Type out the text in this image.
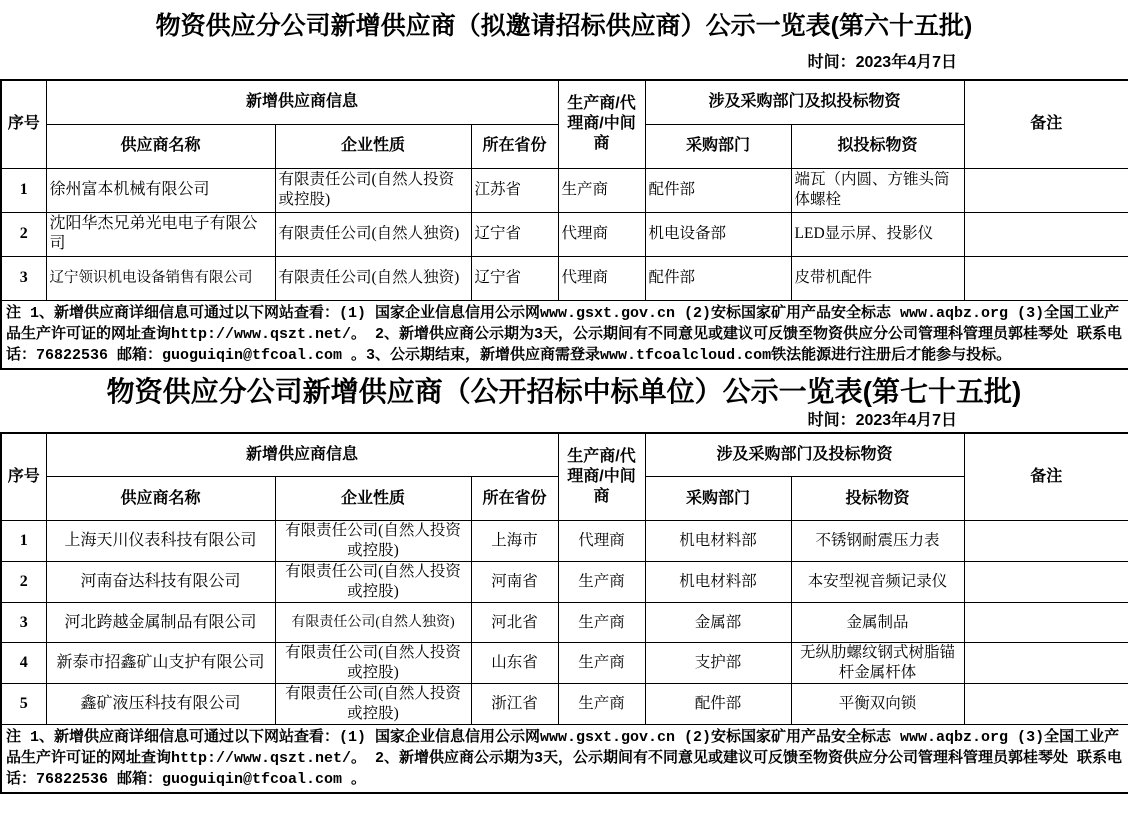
物资供应分公司新增供应商（拟邀请招标供应商）公示一览表(第六十五批)
时间：2023年4月7日
序号	新增供应商信息			生产商/代理商/中间商	涉及采购部门及拟投标物资		备注
	供应商名称	企业性质	所在省份		采购部门	拟投标物资	
1	徐州富本机械有限公司	有限责任公司(自然人投资或控股)	江苏省	生产商	配件部	端瓦（内圆、方锥头筒体螺栓	
2	沈阳华杰兄弟光电电子有限公司	有限责任公司(自然人独资)	辽宁省	代理商	机电设备部	LED显示屏、投影仪	
3	辽宁领识机电设备销售有限公司	有限责任公司(自然人独资)	辽宁省	代理商	配件部	皮带机配件	
注 1、新增供应商详细信息可通过以下网站查看：(1) 国家企业信息信用公示网www.gsxt.gov.cn (2)安标国家矿用产品安全标志 www.aqbz.org (3)全国工业产品生产许可证的网址查询http://www.qszt.net/。 2、新增供应商公示期为3天，公示期间有不同意见或建议可反馈至物资供应分公司管理科管理员郭桂琴处 联系电话：76822536 邮箱：guoguiqin@tfcoal.com 。3、公示期结束，新增供应商需登录www.tfcoalcloud.com铁法能源进行注册后才能参与投标。							
物资供应分公司新增供应商（公开招标中标单位）公示一览表(第七十五批)
时间：2023年4月7日
序号	新增供应商信息			生产商/代理商/中间商	涉及采购部门及投标物资		备注
	供应商名称	企业性质	所在省份		采购部门	投标物资	
1	上海天川仪表科技有限公司	有限责任公司(自然人投资或控股)	上海市	代理商	机电材料部	不锈钢耐震压力表	
2	河南奋达科技有限公司	有限责任公司(自然人投资或控股)	河南省	生产商	机电材料部	本安型视音频记录仪	
3	河北跨越金属制品有限公司	有限责任公司(自然人独资)	河北省	生产商	金属部	金属制品	
4	新泰市招鑫矿山支护有限公司	有限责任公司(自然人投资或控股)	山东省	生产商	支护部	无纵肋螺纹钢式树脂锚杆金属杆体	
5	鑫矿液压科技有限公司	有限责任公司(自然人投资或控股)	浙江省	生产商	配件部	平衡双向锁	
注 1、新增供应商详细信息可通过以下网站查看：(1) 国家企业信息信用公示网www.gsxt.gov.cn (2)安标国家矿用产品安全标志 www.aqbz.org (3)全国工业产品生产许可证的网址查询http://www.qszt.net/。 2、新增供应商公示期为3天，公示期间有不同意见或建议可反馈至物资供应分公司管理科管理员郭桂琴处 联系电话：76822536 邮箱：guoguiqin@tfcoal.com 。							
